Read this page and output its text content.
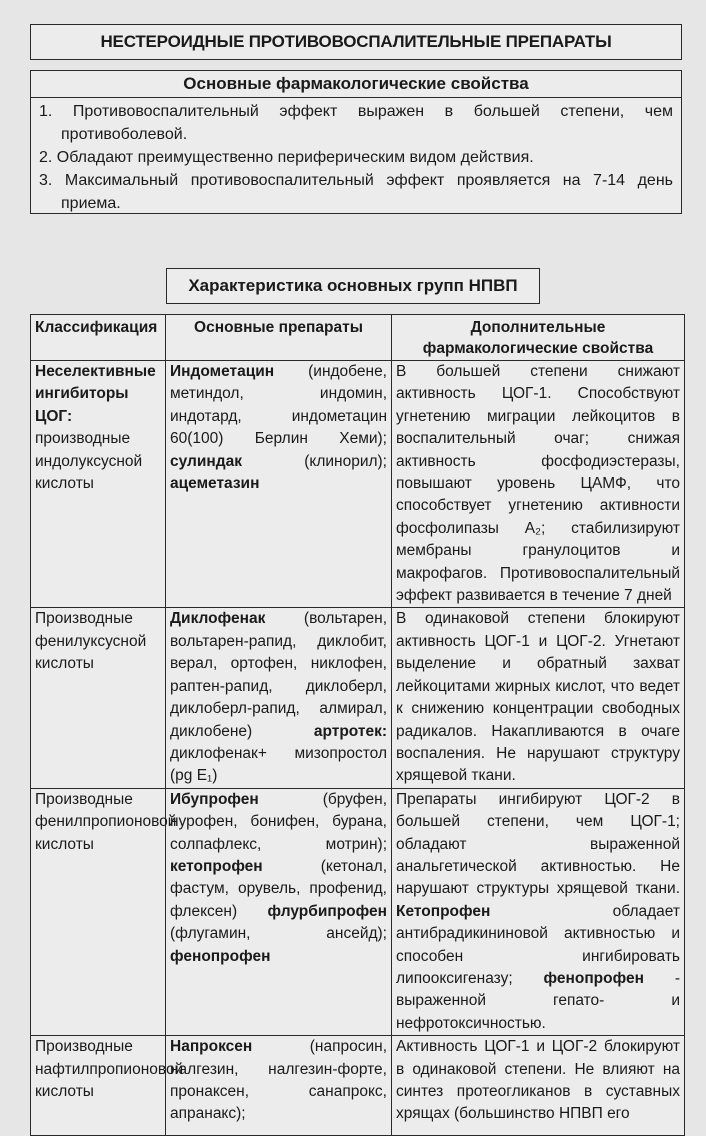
НЕСТЕРОИДНЫЕ ПРОТИВОВОСПАЛИТЕЛЬНЫЕ ПРЕПАРАТЫ
Основные фармакологические свойства
1. Противовоспалительный эффект выражен в большей степени, чем противоболевой.
2. Обладают преимущественно периферическим видом действия.
3. Максимальный противовоспалительный эффект проявляется на 7-14 день приема.
Характеристика основных групп НПВП
Классификация	Основные препараты	Дополнительные фармакологические свойства
Неселективные ингибиторы ЦОГ: производные индолуксусной кислоты	Индометацин (индобене, метиндол, индомин, индотард, индометацин 60(100) Берлин Хеми); сулиндак (клинорил); ацеметазин	В большей степени снижают активность ЦОГ-1. Способствуют угнетению миграции лейкоцитов в воспалительный очаг; снижая активность фосфодиэстеразы, повышают уровень ЦАМФ, что способствует угнетению активности фосфолипазы А₂; стабилизируют мембраны гранулоцитов и макрофагов. Противовоспалительный эффект развивается в течение 7 дней
Производные фенилуксусной кислоты	Диклофенак (вольтарен, вольтарен-рапид, диклобит, верал, ортофен, никлофен, раптен-рапид, диклоберл, диклоберл-рапид, алмирал, диклобене) артротек: диклофенак+ мизопростол (pg E₁)	В одинаковой степени блокируют активность ЦОГ-1 и ЦОГ-2. Угнетают выделение и обратный захват лейкоцитами жирных кислот, что ведет к снижению концентрации свободных радикалов. Накапливаются в очаге воспаления. Не нарушают структуру хрящевой ткани.
Производные фенилпропионовой кислоты	Ибупрофен (бруфен, нурофен, бонифен, бурана, солпафлекс, мотрин); кетопрофен (кетонал, фастум, орувель, профенид, флексен) флурбипрофен (флугамин, ансейд); фенопрофен	Препараты ингибируют ЦОГ-2 в большей степени, чем ЦОГ-1; обладают выраженной анальгетической активностью. Не нарушают структуры хрящевой ткани. Кетопрофен обладает антибрадикининовой активностью и способен ингибировать липооксигеназу; фенопрофен - выраженной гепато- и нефротоксичностью.
Производные нафтилпропионовой кислоты	Напроксен (напросин, налгезин, налгезин-форте, пронаксен, санапрокс, апранакс);	Активность ЦОГ-1 и ЦОГ-2 блокируют в одинаковой степени. Не влияют на синтез протеогликанов в суставных хрящах (большинство НПВП его
